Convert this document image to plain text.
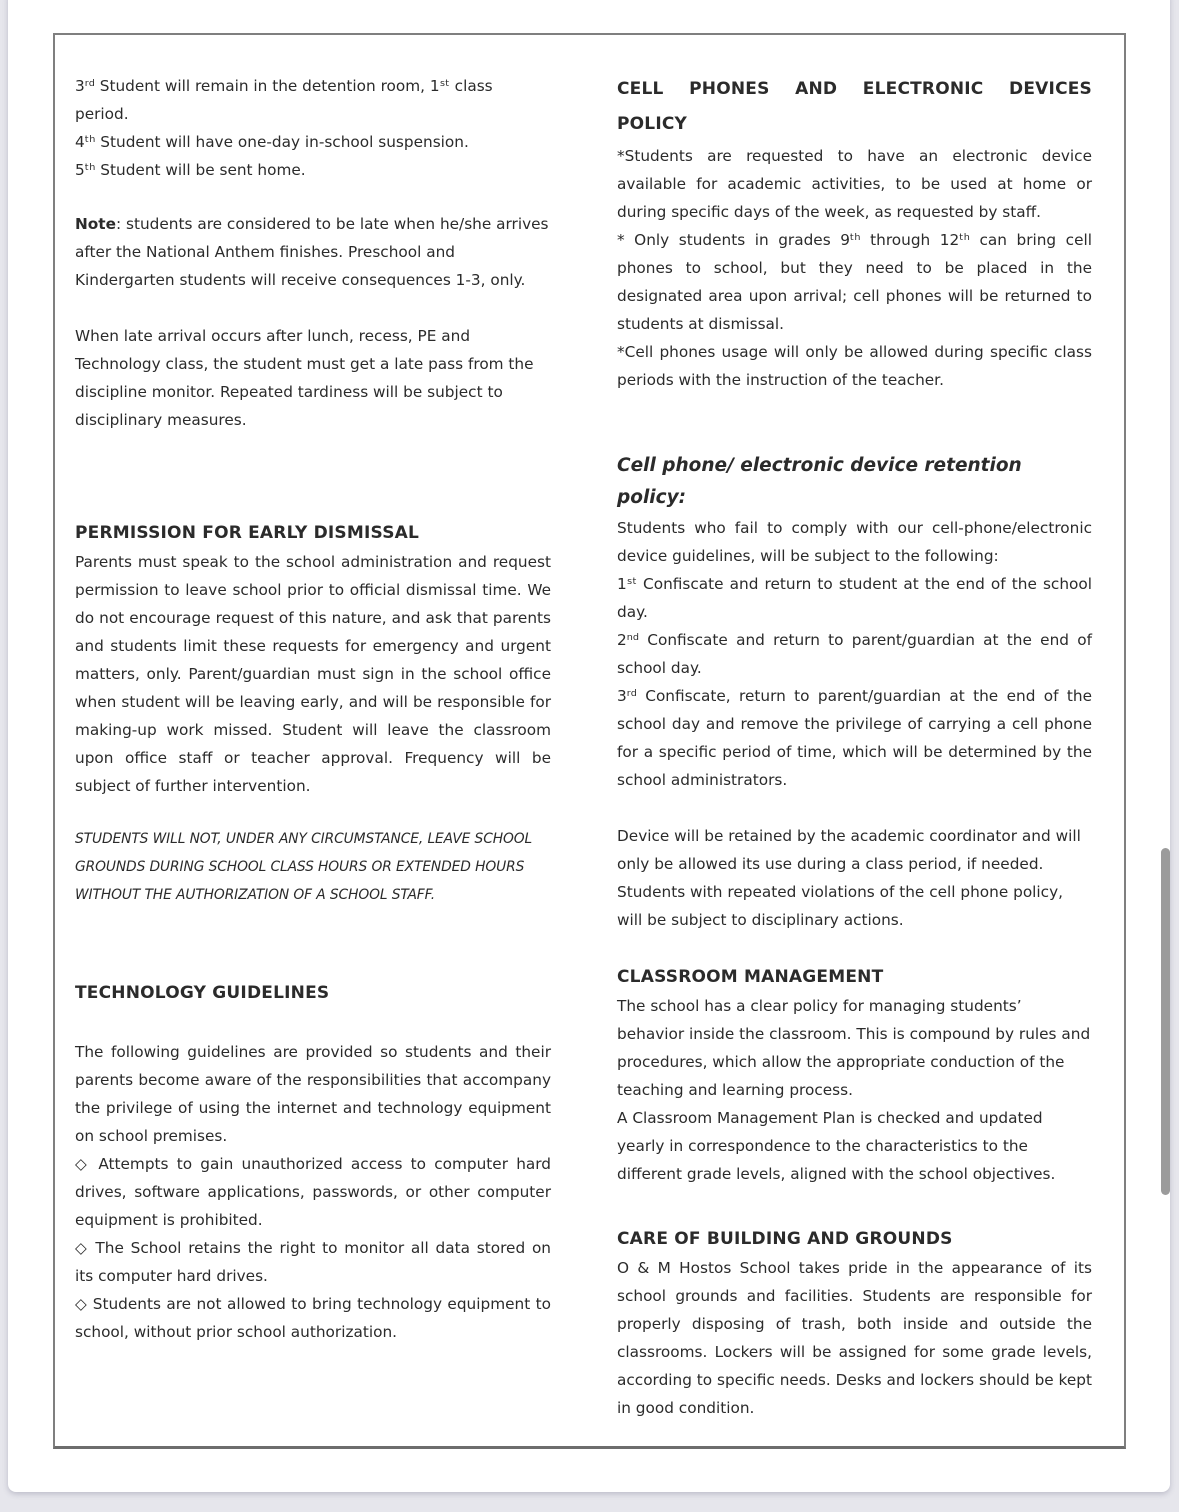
3ʳᵈ Student will remain in the detention room, 1ˢᵗ class period.

4ᵗʰ Student will have one-day in-school suspension.

5ᵗʰ Student will be sent home.

Note: students are considered to be late when he/she arrives after the National Anthem finishes. Preschool and Kindergarten students will receive consequences 1-3, only.

When late arrival occurs after lunch, recess, PE and Technology class, the student must get a late pass from the discipline monitor. Repeated tardiness will be subject to disciplinary measures.

PERMISSION FOR EARLY DISMISSAL

Parents must speak to the school administration and request permission to leave school prior to official dismissal time. We do not encourage request of this nature, and ask that parents and students limit these requests for emergency and urgent matters, only. Parent/guardian must sign in the school office when student will be leaving early, and will be responsible for making-up work missed. Student will leave the classroom upon office staff or teacher approval. Frequency will be subject of further intervention.

STUDENTS WILL NOT, UNDER ANY CIRCUMSTANCE, LEAVE SCHOOL GROUNDS DURING SCHOOL CLASS HOURS OR EXTENDED HOURS WITHOUT THE AUTHORIZATION OF A SCHOOL STAFF.

TECHNOLOGY GUIDELINES

The following guidelines are provided so students and their parents become aware of the responsibilities that accompany the privilege of using the internet and technology equipment on school premises.

◇ Attempts to gain unauthorized access to computer hard drives, software applications, passwords, or other computer equipment is prohibited.

◇ The School retains the right to monitor all data stored on its computer hard drives.

◇ Students are not allowed to bring technology equipment to school, without prior school authorization.

CELL PHONES AND ELECTRONIC DEVICES
POLICY

*Students are requested to have an electronic device available for academic activities, to be used at home or during specific days of the week, as requested by staff.

* Only students in grades 9ᵗʰ through 12ᵗʰ can bring cell phones to school, but they need to be placed in the designated area upon arrival; cell phones will be returned to students at dismissal.

*Cell phones usage will only be allowed during specific class periods with the instruction of the teacher.

Cell phone/ electronic device retention policy:

Students who fail to comply with our cell-phone/electronic device guidelines, will be subject to the following:

1ˢᵗ Confiscate and return to student at the end of the school day.

2ⁿᵈ Confiscate and return to parent/guardian at the end of school day.

3ʳᵈ Confiscate, return to parent/guardian at the end of the school day and remove the privilege of carrying a cell phone for a specific period of time, which will be determined by the school administrators.

Device will be retained by the academic coordinator and will only be allowed its use during a class period, if needed. Students with repeated violations of the cell phone policy, will be subject to disciplinary actions.

CLASSROOM MANAGEMENT

The school has a clear policy for managing students’ behavior inside the classroom. This is compound by rules and procedures, which allow the appropriate conduction of the teaching and learning process.

A Classroom Management Plan is checked and updated yearly in correspondence to the characteristics to the different grade levels, aligned with the school objectives.

CARE OF BUILDING AND GROUNDS

O & M Hostos School takes pride in the appearance of its school grounds and facilities. Students are responsible for properly disposing of trash, both inside and outside the classrooms. Lockers will be assigned for some grade levels, according to specific needs. Desks and lockers should be kept in good condition.
